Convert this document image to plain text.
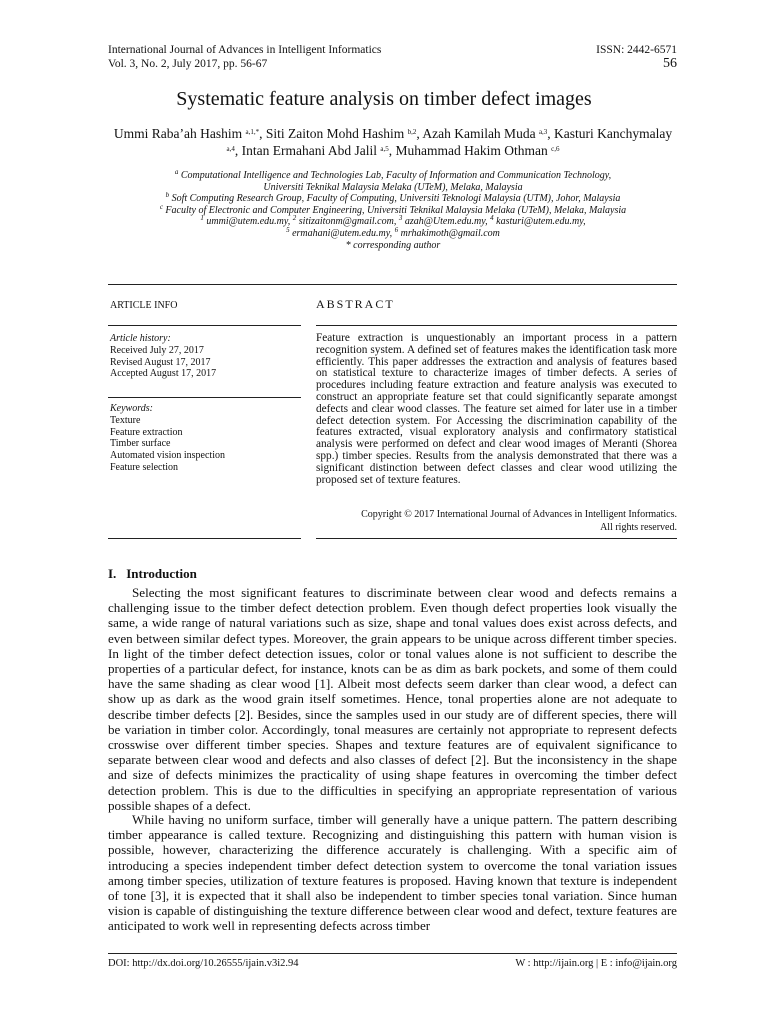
International Journal of Advances in Intelligent Informatics
Vol. 3, No. 2, July 2017, pp. 56-67
ISSN: 2442-6571
56
Systematic feature analysis on timber defect images
Ummi Raba’ah Hashim $^{a,1,*}$, Siti Zaiton Mohd Hashim $^{b,2}$, Azah Kamilah Muda $^{a,3}$, Kasturi Kanchymalay $^{a,4}$, Intan Ermahani Abd Jalil $^{a,5}$, Muhammad Hakim Othman $^{c,6}$

$^a$ Computational Intelligence and Technologies Lab, Faculty of Information and Communication Technology,

Universiti Teknikal Malaysia Melaka (UTeM), Melaka, Malaysia

$^b$ Soft Computing Research Group, Faculty of Computing, Universiti Teknologi Malaysia (UTM), Johor, Malaysia

$^c$ Faculty of Electronic and Computer Engineering, Universiti Teknikal Malaysia Melaka (UTeM), Melaka, Malaysia

$^1$ ummi@utem.edu.my, $^2$ sitizaitonm@gmail.com, $^3$ azah@Utem.edu.my, $^4$ kasturi@utem.edu.my,

$^5$ ermahani@utem.edu.my, $^6$ mrhakimoth@gmail.com

* corresponding author

ARTICLE INFO	ABSTRACT
Article history:
Received July 27, 2017
Revised August 17, 2017
Accepted August 17, 2017
Keywords:
Texture
Feature extraction
Timber surface
Automated vision inspection
Feature selection
Feature extraction is unquestionably an important process in a pattern recognition system. A defined set of features makes the identification task more efficiently. This paper addresses the extraction and analysis of features based on statistical texture to characterize images of timber defects. A series of procedures including feature extraction and feature analysis was executed to construct an appropriate feature set that could significantly separate amongst defects and clear wood classes. The feature set aimed for later use in a timber defect detection system. For Accessing the discrimination capability of the features extracted, visual exploratory analysis and confirmatory statistical analysis were performed on defect and clear wood images of Meranti (Shorea spp.) timber species. Results from the analysis demonstrated that there was a significant distinction between defect classes and clear wood utilizing the proposed set of texture features.
Copyright © 2017 International Journal of Advances in Intelligent Informatics.
All rights reserved.
I. Introduction

Selecting the most significant features to discriminate between clear wood and defects remains a challenging issue to the timber defect detection problem. Even though defect properties look visually the same, a wide range of natural variations such as size, shape and tonal values does exist across defects, and even between similar defect types. Moreover, the grain appears to be unique across different timber species. In light of the timber defect detection issues, color or tonal values alone is not sufficient to describe the properties of a particular defect, for instance, knots can be as dim as bark pockets, and some of them could have the same shading as clear wood [1]. Albeit most defects seem darker than clear wood, a defect can show up as dark as the wood grain itself sometimes. Hence, tonal properties alone are not adequate to describe timber defects [2]. Besides, since the samples used in our study are of different species, there will be variation in timber color. Accordingly, tonal measures are certainly not appropriate to represent defects crosswise over different timber species. Shapes and texture features are of equivalent significance to separate between clear wood and defects and also classes of defect [2]. But the inconsistency in the shape and size of defects minimizes the practicality of using shape features in overcoming the timber defect detection problem. This is due to the difficulties in specifying an appropriate representation of various possible shapes of a defect.

While having no uniform surface, timber will generally have a unique pattern. The pattern describing timber appearance is called texture. Recognizing and distinguishing this pattern with human vision is possible, however, characterizing the difference accurately is challenging. With a specific aim of introducing a species independent timber defect detection system to overcome the tonal variation issues among timber species, utilization of texture features is proposed. Having known that texture is independent of tone [3], it is expected that it shall also be independent to timber species tonal variation. Since human vision is capable of distinguishing the texture difference between clear wood and defect, texture features are anticipated to work well in representing defects across timber

DOI: http://dx.doi.org/10.26555/ijain.v3i2.94	W : http://ijain.org | E : info@ijain.org
